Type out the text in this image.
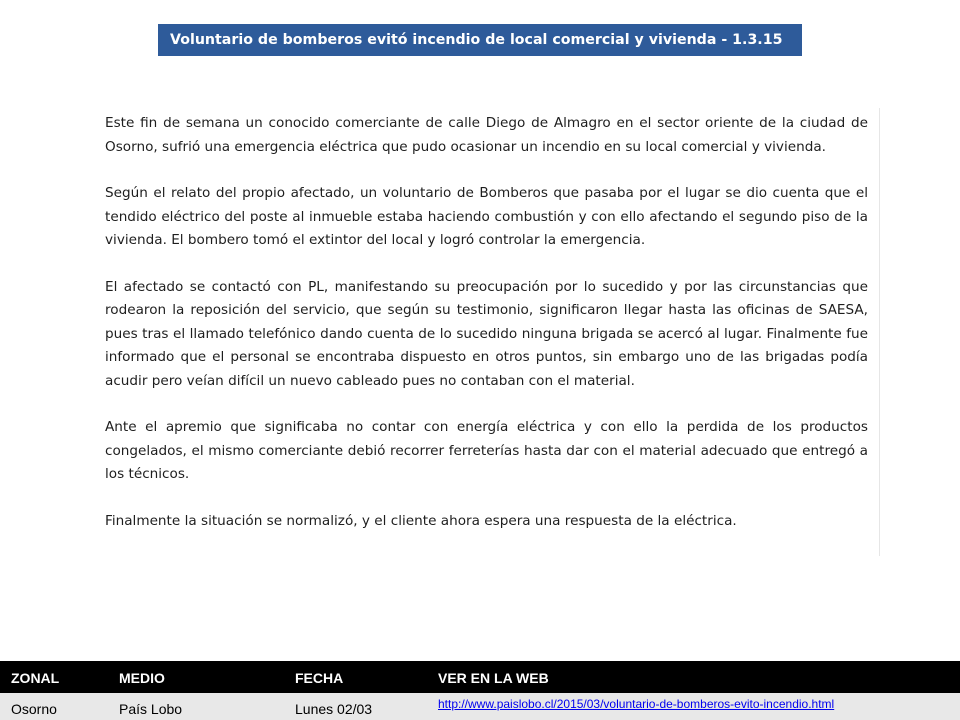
Voluntario de bomberos evitó incendio de local comercial y vivienda - 1.3.15

Este fin de semana un conocido comerciante de calle Diego de Almagro en el sector oriente de la ciudad de Osorno, sufrió una emergencia eléctrica que pudo ocasionar un incendio en su local comercial y vivienda.

Según el relato del propio afectado, un voluntario de Bomberos que pasaba por el lugar se dio cuenta que el tendido eléctrico del poste al inmueble estaba haciendo combustión y con ello afectando el segundo piso de la vivienda. El bombero tomó el extintor del local y logró controlar la emergencia.

El afectado se contactó con PL, manifestando su preocupación por lo sucedido y por las circunstancias que rodearon la reposición del servicio, que según su testimonio, significaron llegar hasta las oficinas de SAESA, pues tras el llamado telefónico dando cuenta de lo sucedido ninguna brigada se acercó al lugar. Finalmente fue informado que el personal se encontraba dispuesto en otros puntos, sin embargo uno de las brigadas podía acudir pero veían difícil un nuevo cableado pues no contaban con el material.

Ante el apremio que significaba no contar con energía eléctrica y con ello la perdida de los productos congelados, el mismo comerciante debió recorrer ferreterías hasta dar con el material adecuado que entregó a los técnicos.

Finalmente la situación se normalizó, y el cliente ahora espera una respuesta de la eléctrica.

ZONAL	MEDIO	FECHA	VER EN LA WEB
Osorno	País Lobo	Lunes 02/03	http://www.paislobo.cl/2015/03/voluntario-de-bomberos-evito-incendio.html
